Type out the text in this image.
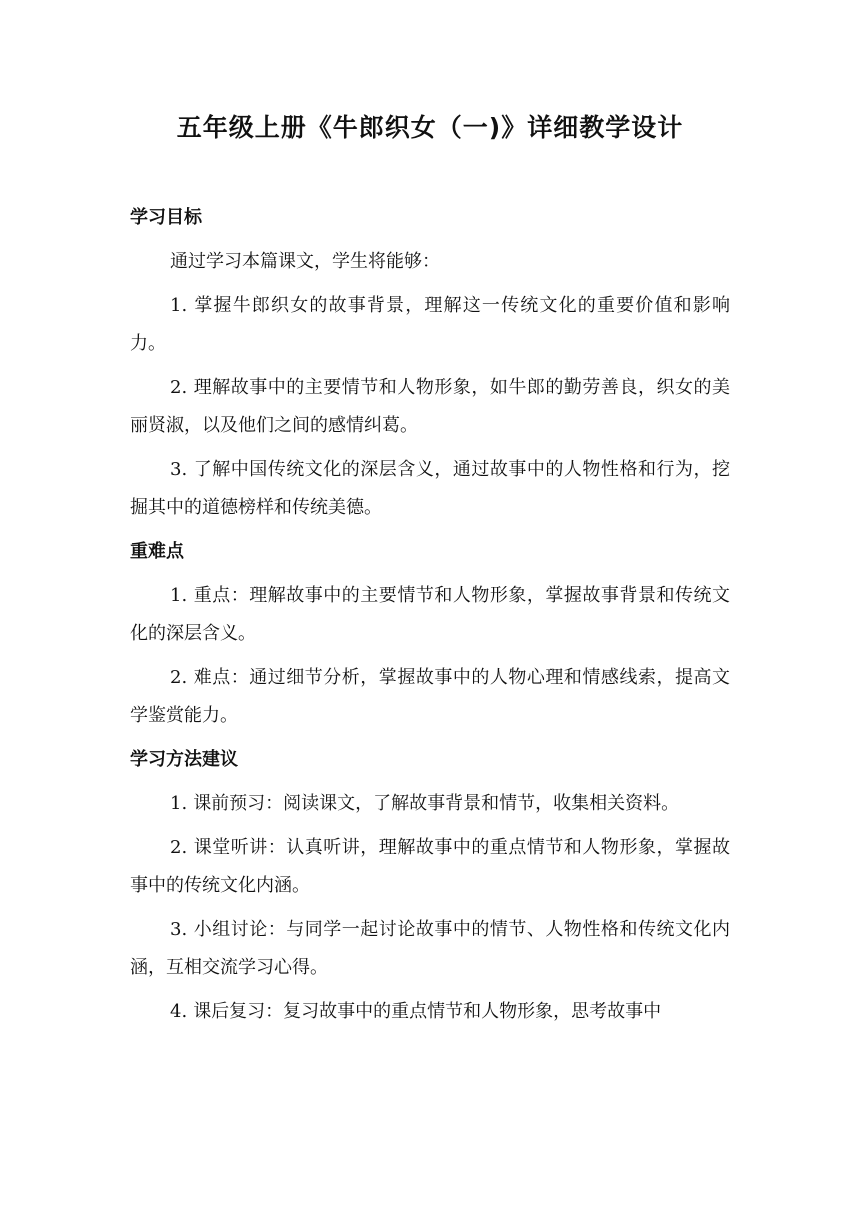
五年级上册《牛郎织女（一)》详细教学设计
学习目标

通过学习本篇课文，学生将能够：

1. 掌握牛郎织女的故事背景，理解这一传统文化的重要价值和影响力。

2. 理解故事中的主要情节和人物形象，如牛郎的勤劳善良，织女的美丽贤淑，以及他们之间的感情纠葛。

3. 了解中国传统文化的深层含义，通过故事中的人物性格和行为，挖掘其中的道德榜样和传统美德。

重难点

1. 重点：理解故事中的主要情节和人物形象，掌握故事背景和传统文化的深层含义。

2. 难点：通过细节分析，掌握故事中的人物心理和情感线索，提高文学鉴赏能力。

学习方法建议

1. 课前预习：阅读课文，了解故事背景和情节，收集相关资料。

2. 课堂听讲：认真听讲，理解故事中的重点情节和人物形象，掌握故事中的传统文化内涵。

3. 小组讨论：与同学一起讨论故事中的情节、人物性格和传统文化内涵，互相交流学习心得。

4. 课后复习：复习故事中的重点情节和人物形象，思考故事中
